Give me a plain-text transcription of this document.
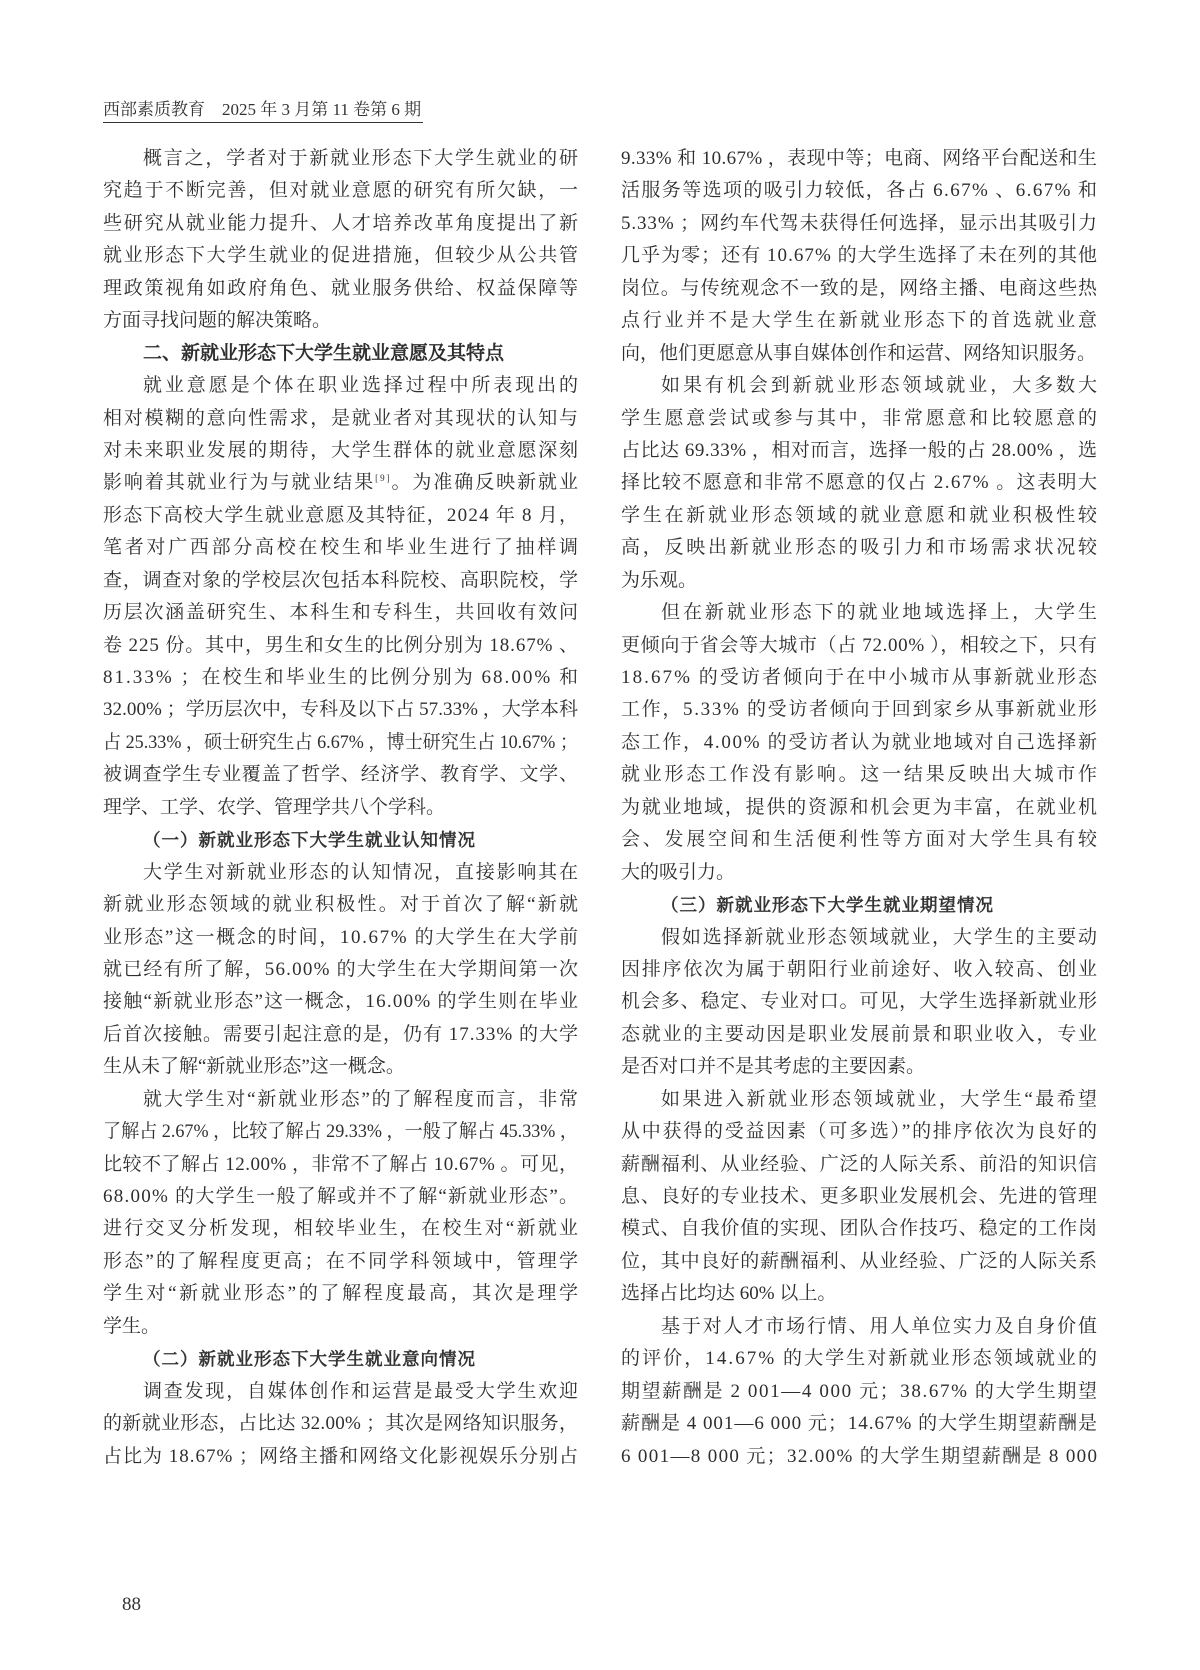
西部素质教育　2025 年 3 月第 11 卷第 6 期
概言之，学者对于新就业形态下大学生就业的研
究趋于不断完善，但对就业意愿的研究有所欠缺，一
些研究从就业能力提升、人才培养改革角度提出了新
就业形态下大学生就业的促进措施，但较少从公共管
理政策视角如政府角色、就业服务供给、权益保障等
方面寻找问题的解决策略。
二、新就业形态下大学生就业意愿及其特点
就业意愿是个体在职业选择过程中所表现出的
相对模糊的意向性需求，是就业者对其现状的认知与
对未来职业发展的期待，大学生群体的就业意愿深刻
影响着其就业行为与就业结果[9]。为准确反映新就业
形态下高校大学生就业意愿及其特征，2024 年 8 月，
笔者对广西部分高校在校生和毕业生进行了抽样调
查，调查对象的学校层次包括本科院校、高职院校，学
历层次涵盖研究生、本科生和专科生，共回收有效问
卷 225 份。其中，男生和女生的比例分别为 18.67% 、
81.33% ；在校生和毕业生的比例分别为 68.00% 和
32.00% ；学历层次中，专科及以下占 57.33% ，大学本科
占 25.33% ，硕士研究生占 6.67% ，博士研究生占 10.67% ；
被调查学生专业覆盖了哲学、经济学、教育学、文学、
理学、工学、农学、管理学共八个学科。
（一）新就业形态下大学生就业认知情况
大学生对新就业形态的认知情况，直接影响其在
新就业形态领域的就业积极性。对于首次了解“新就
业形态”这一概念的时间，10.67% 的大学生在大学前
就已经有所了解，56.00% 的大学生在大学期间第一次
接触“新就业形态”这一概念，16.00% 的学生则在毕业
后首次接触。需要引起注意的是，仍有 17.33% 的大学
生从未了解“新就业形态”这一概念。
就大学生对“新就业形态”的了解程度而言，非常
了解占 2.67% ，比较了解占 29.33% ，一般了解占 45.33% ，
比较不了解占 12.00% ，非常不了解占 10.67% 。可见，
68.00% 的大学生一般了解或并不了解“新就业形态”。
进行交叉分析发现，相较毕业生，在校生对“新就业
形态”的了解程度更高；在不同学科领域中，管理学
学生对“新就业形态”的了解程度最高，其次是理学
学生。
（二）新就业形态下大学生就业意向情况
调查发现，自媒体创作和运营是最受大学生欢迎
的新就业形态，占比达 32.00% ；其次是网络知识服务，
占比为 18.67% ；网络主播和网络文化影视娱乐分别占
9.33% 和 10.67% ，表现中等；电商、网络平台配送和生
活服务等选项的吸引力较低，各占 6.67% 、6.67% 和
5.33% ；网约车代驾未获得任何选择，显示出其吸引力
几乎为零；还有 10.67% 的大学生选择了未在列的其他
岗位。与传统观念不一致的是，网络主播、电商这些热
点行业并不是大学生在新就业形态下的首选就业意
向，他们更愿意从事自媒体创作和运营、网络知识服务。
如果有机会到新就业形态领域就业，大多数大
学生愿意尝试或参与其中，非常愿意和比较愿意的
占比达 69.33% ，相对而言，选择一般的占 28.00% ，选
择比较不愿意和非常不愿意的仅占 2.67% 。这表明大
学生在新就业形态领域的就业意愿和就业积极性较
高，反映出新就业形态的吸引力和市场需求状况较
为乐观。
但在新就业形态下的就业地域选择上，大学生
更倾向于省会等大城市（占 72.00% ），相较之下，只有
18.67% 的受访者倾向于在中小城市从事新就业形态
工作，5.33% 的受访者倾向于回到家乡从事新就业形
态工作，4.00% 的受访者认为就业地域对自己选择新
就业形态工作没有影响。这一结果反映出大城市作
为就业地域，提供的资源和机会更为丰富，在就业机
会、发展空间和生活便利性等方面对大学生具有较
大的吸引力。
（三）新就业形态下大学生就业期望情况
假如选择新就业形态领域就业，大学生的主要动
因排序依次为属于朝阳行业前途好、收入较高、创业
机会多、稳定、专业对口。可见，大学生选择新就业形
态就业的主要动因是职业发展前景和职业收入，专业
是否对口并不是其考虑的主要因素。
如果进入新就业形态领域就业，大学生“最希望
从中获得的受益因素（可多选）”的排序依次为良好的
薪酬福利、从业经验、广泛的人际关系、前沿的知识信
息、良好的专业技术、更多职业发展机会、先进的管理
模式、自我价值的实现、团队合作技巧、稳定的工作岗
位，其中良好的薪酬福利、从业经验、广泛的人际关系
选择占比均达 60% 以上。
基于对人才市场行情、用人单位实力及自身价值
的评价，14.67% 的大学生对新就业形态领域就业的
期望薪酬是 2 001—4 000 元；38.67% 的大学生期望
薪酬是 4 001—6 000 元；14.67% 的大学生期望薪酬是
6 001—8 000 元；32.00% 的大学生期望薪酬是 8 000
88
